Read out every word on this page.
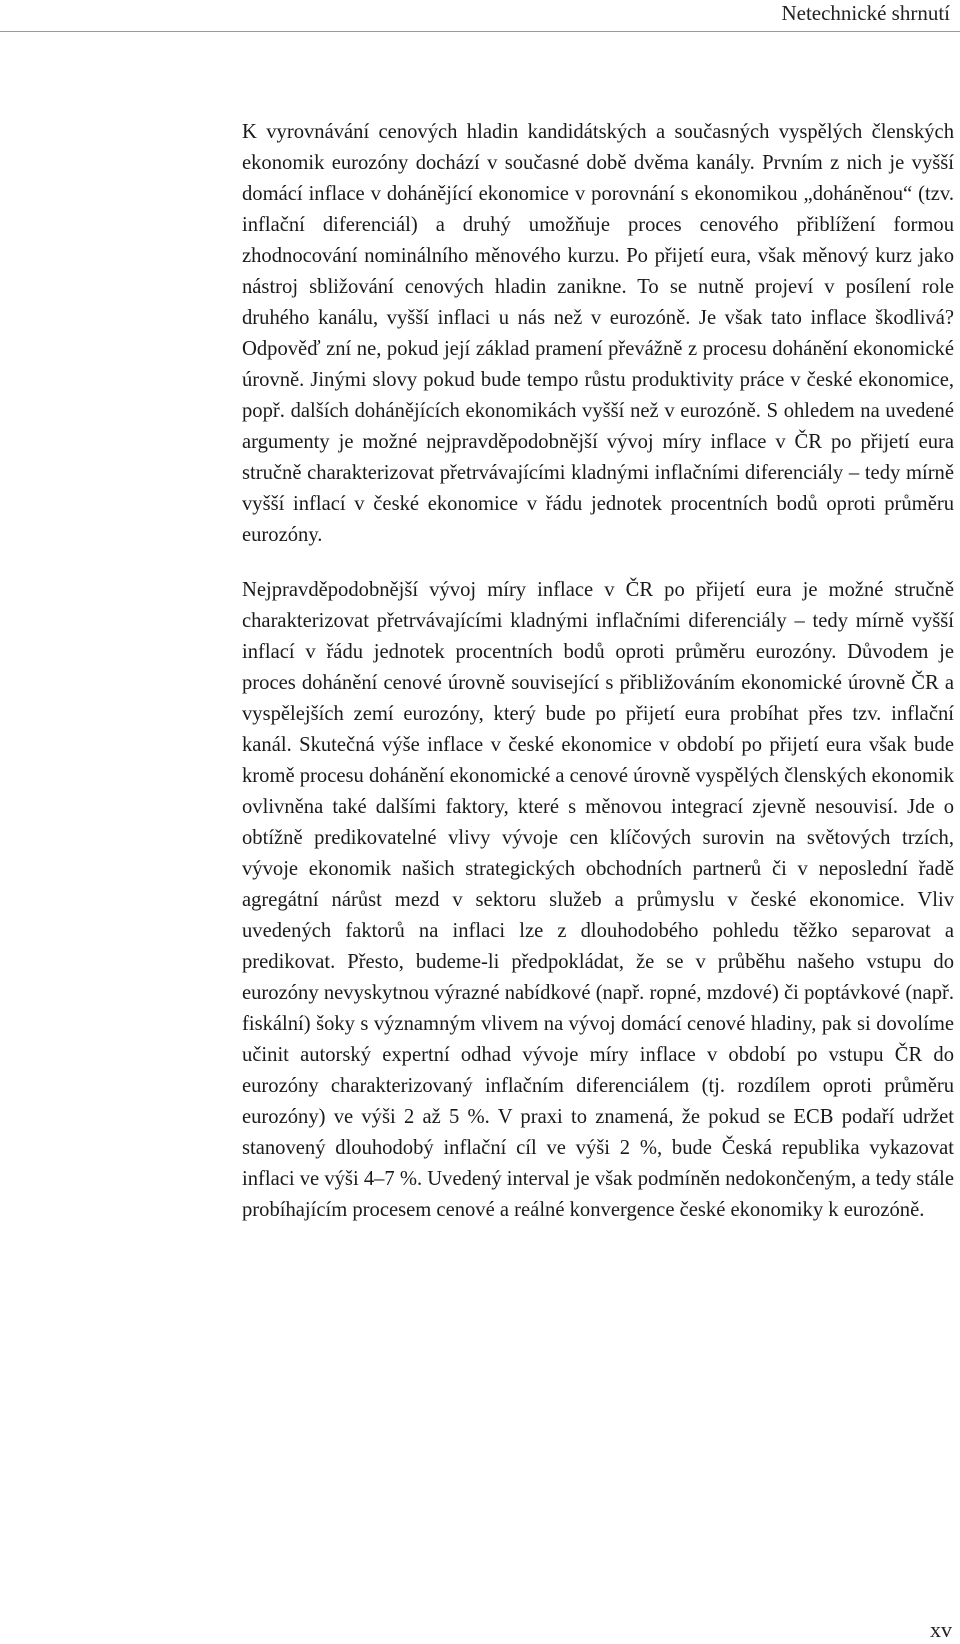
Netechnické shrnutí

K vyrovnávání cenových hladin kandidátských a současných vyspělých členských ekonomik eurozóny dochází v současné době dvěma kanály. Prvním z nich je vyšší domácí inflace v dohánějící ekonomice v porovnání s ekonomikou „doháněnou“ (tzv. inflační diferenciál) a druhý umožňuje proces cenového přiblížení formou zhodnocování nominálního měnového kurzu. Po přijetí eura, však měnový kurz jako nástroj sbližování cenových hladin zanikne. To se nutně projeví v posílení role druhého kanálu, vyšší inflaci u nás než v eurozóně. Je však tato inflace škodlivá? Odpověď zní ne, pokud její základ pramení převážně z procesu dohánění ekonomické úrovně. Jinými slovy pokud bude tempo růstu produktivity práce v české ekonomice, popř. dalších dohánějících ekonomikách vyšší než v eurozóně. S ohledem na uvedené argumenty je možné nejpravděpodobnější vývoj míry inflace v ČR po přijetí eura stručně charakterizovat přetrvávajícími kladnými inflačními diferenciály – tedy mírně vyšší inflací v české ekonomice v řádu jednotek procentních bodů oproti průměru eurozóny.

Nejpravděpodobnější vývoj míry inflace v ČR po přijetí eura je možné stručně charakterizovat přetrvávajícími kladnými inflačními diferenciály – tedy mírně vyšší inflací v řádu jednotek procentních bodů oproti průměru eurozóny. Důvodem je proces dohánění cenové úrovně související s přibližováním ekonomické úrovně ČR a vyspělejších zemí eurozóny, který bude po přijetí eura probíhat přes tzv. inflační kanál. Skutečná výše inflace v české ekonomice v období po přijetí eura však bude kromě procesu dohánění ekonomické a cenové úrovně vyspělých členských ekonomik ovlivněna také dalšími faktory, které s měnovou integrací zjevně nesouvisí. Jde o obtížně predikovatelné vlivy vývoje cen klíčových surovin na světových trzích, vývoje ekonomik našich strategických obchodních partnerů či v neposlední řadě agregátní nárůst mezd v sektoru služeb a průmyslu v české ekonomice. Vliv uvedených faktorů na inflaci lze z dlouhodobého pohledu těžko separovat a predikovat. Přesto, budeme-li předpokládat, že se v průběhu našeho vstupu do eurozóny nevyskytnou výrazné nabídkové (např. ropné, mzdové) či poptávkové (např. fiskální) šoky s významným vlivem na vývoj domácí cenové hladiny, pak si dovolíme učinit autorský expertní odhad vývoje míry inflace v období po vstupu ČR do eurozóny charakterizovaný inflačním diferenciálem (tj. rozdílem oproti průměru eurozóny) ve výši 2 až 5 %. V praxi to znamená, že pokud se ECB podaří udržet stanovený dlouhodobý inflační cíl ve výši 2 %, bude Česká republika vykazovat inflaci ve výši 4–7 %. Uvedený interval je však podmíněn nedokončeným, a tedy stále probíhajícím procesem cenové a reálné konvergence české ekonomiky k eurozóně.

xv
